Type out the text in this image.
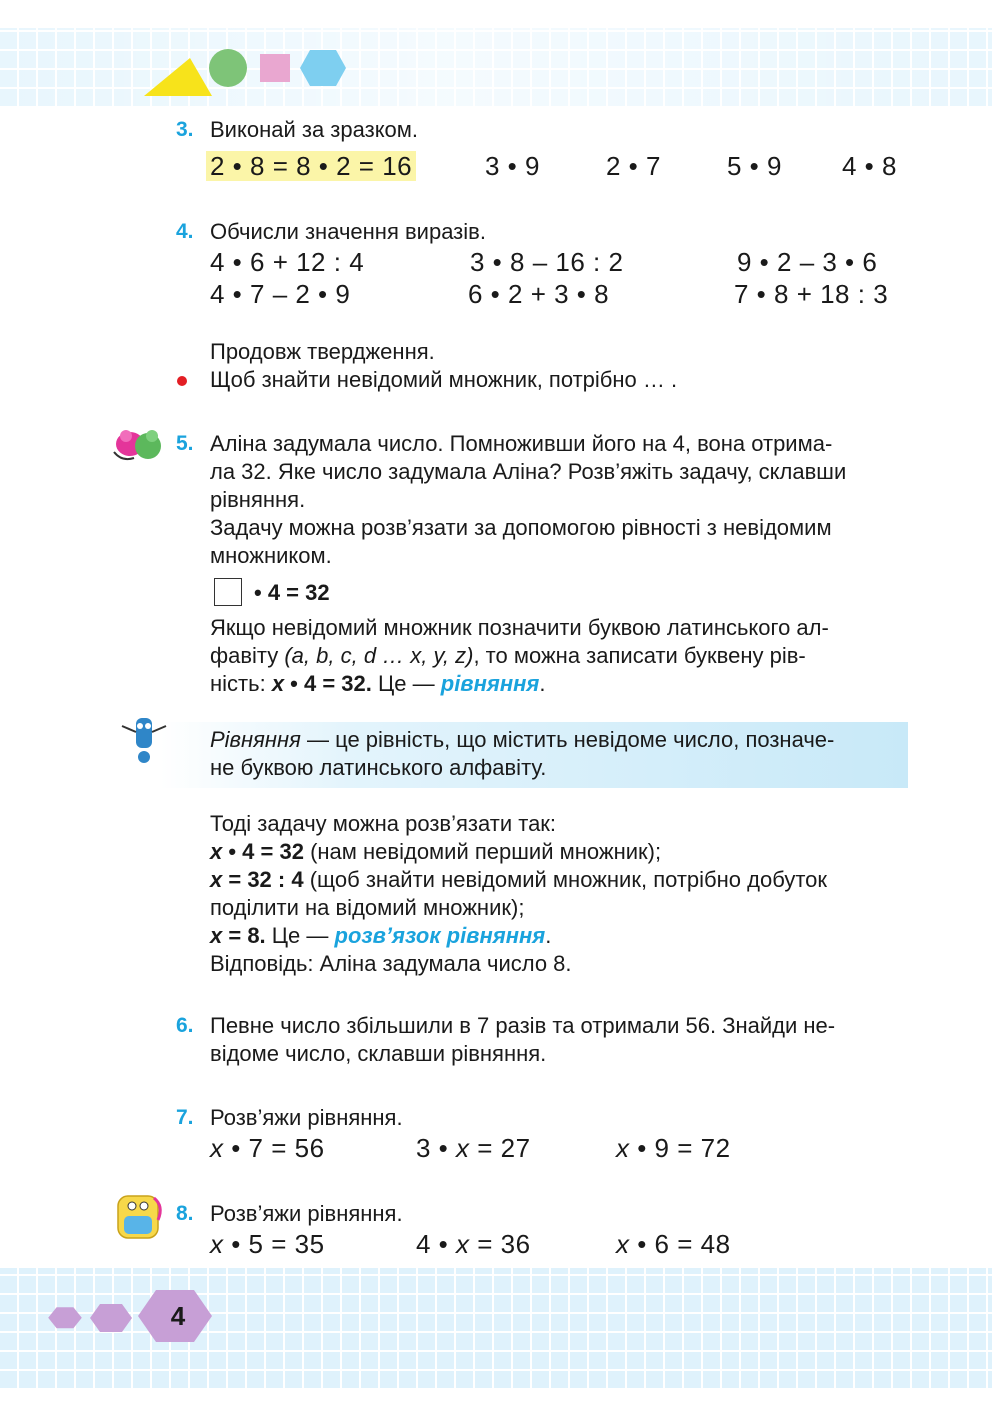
3. Виконай за зразком.
2 • 8 = 8 • 2 = 16	3 • 9	2 • 7	5 • 9 4 • 8
4. Обчисли значення виразів.
4 • 6 + 12 : 4	3 • 8 – 16 : 2	9 • 2 – 3 • 6
4 • 7 – 2 • 9	6 • 2 + 3 • 8	7 • 8 + 18 : 3
Продовж твердження.
Щоб знайти невідомий множник, потрібно … .
5. Аліна задумала число. Помноживши його на 4, вона отрима-
ла 32. Яке число задумала Аліна? Розв’яжіть задачу, склавши
рівняння.
Задачу можна розв’язати за допомогою рівності з невідомим
множником.
• 4 = 32
Якщо невідомий множник позначити буквою латинського ал-
фавіту (a, b, c, d … x, y, z), то можна записати буквену рів-
ність: x • 4 = 32. Це — рівняння.
Рівняння — це рівність, що містить невідоме число, позначе-
не буквою латинського алфавіту.
Тоді задачу можна розв’язати так:
x • 4 = 32 (нам невідомий перший множник);
x = 32 : 4 (щоб знайти невідомий множник, потрібно добуток
поділити на відомий множник);
x = 8. Це — розв’язок рівняння.
Відповідь: Аліна задумала число 8.
6. Певне число збільшили в 7 разів та отримали 56. Знайди не-
відоме число, склавши рівняння.
7. Розв’яжи рівняння.
x • 7 = 56	3 • x = 27	x • 9 = 72
8. Розв’яжи рівняння.
x • 5 = 35	4 • x = 36	x • 6 = 48
4
